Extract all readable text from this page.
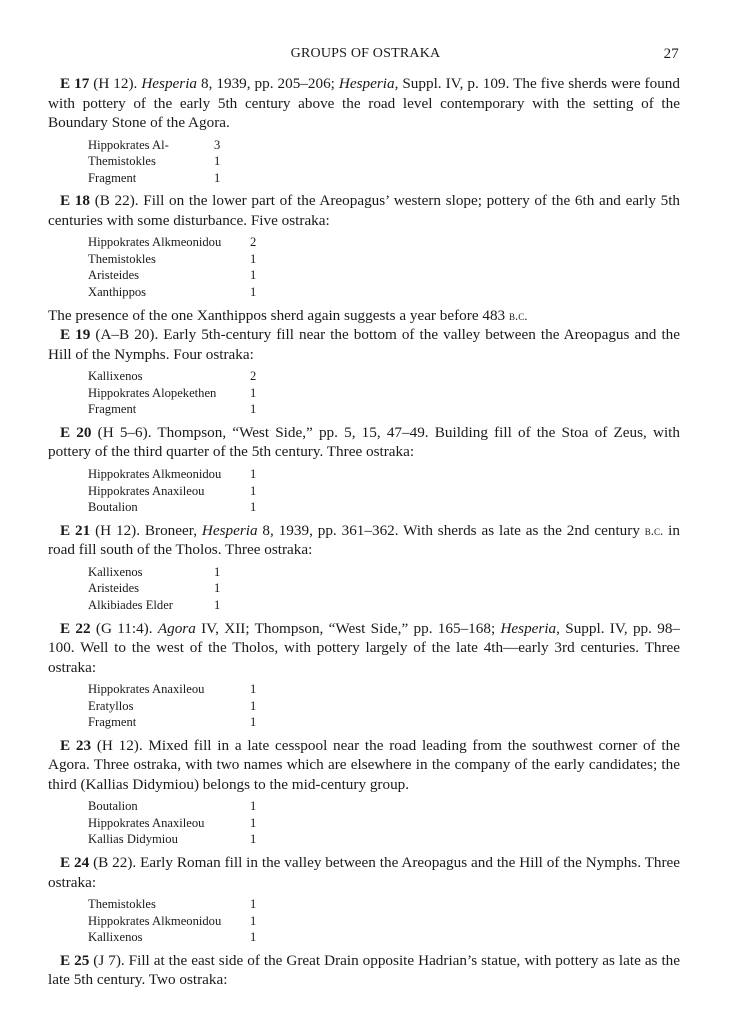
GROUPS OF OSTRAKA	27

E 17 (H 12). Hesperia 8, 1939, pp. 205–206; Hesperia, Suppl. IV, p. 109. The five sherds were found with pottery of the early 5th century above the road level contemporary with the setting of the Boundary Stone of the Agora.

Hippokrates Al-	3
Themistokles	1
Fragment	1

E 18 (B 22). Fill on the lower part of the Areopagus’ western slope; pottery of the 6th and early 5th centuries with some disturbance. Five ostraka:

Hippokrates Alkmeonidou	2
Themistokles	1
Aristeides	1
Xanthippos	1

The presence of the one Xanthippos sherd again suggests a year before 483 b.c.

E 19 (A–B 20). Early 5th-century fill near the bottom of the valley between the Areopagus and the Hill of the Nymphs. Four ostraka:

Kallixenos	2
Hippokrates Alopekethen	1
Fragment	1

E 20 (H 5–6). Thompson, “West Side,” pp. 5, 15, 47–49. Building fill of the Stoa of Zeus, with pottery of the third quarter of the 5th century. Three ostraka:

Hippokrates Alkmeonidou	1
Hippokrates Anaxileou	1
Boutalion	1

E 21 (H 12). Broneer, Hesperia 8, 1939, pp. 361–362. With sherds as late as the 2nd century b.c. in road fill south of the Tholos. Three ostraka:

Kallixenos	1
Aristeides	1
Alkibiades Elder	1

E 22 (G 11:4). Agora IV, XII; Thompson, “West Side,” pp. 165–168; Hesperia, Suppl. IV, pp. 98–100. Well to the west of the Tholos, with pottery largely of the late 4th—early 3rd centuries. Three ostraka:

Hippokrates Anaxileou	1
Eratyllos	1
Fragment	1

E 23 (H 12). Mixed fill in a late cesspool near the road leading from the southwest corner of the Agora. Three ostraka, with two names which are elsewhere in the company of the early candidates; the third (Kallias Didymiou) belongs to the mid-century group.

Boutalion	1
Hippokrates Anaxileou	1
Kallias Didymiou	1

E 24 (B 22). Early Roman fill in the valley between the Areopagus and the Hill of the Nymphs. Three ostraka:

Themistokles	1
Hippokrates Alkmeonidou	1
Kallixenos	1

E 25 (J 7). Fill at the east side of the Great Drain opposite Hadrian’s statue, with pottery as late as the late 5th century. Two ostraka:
